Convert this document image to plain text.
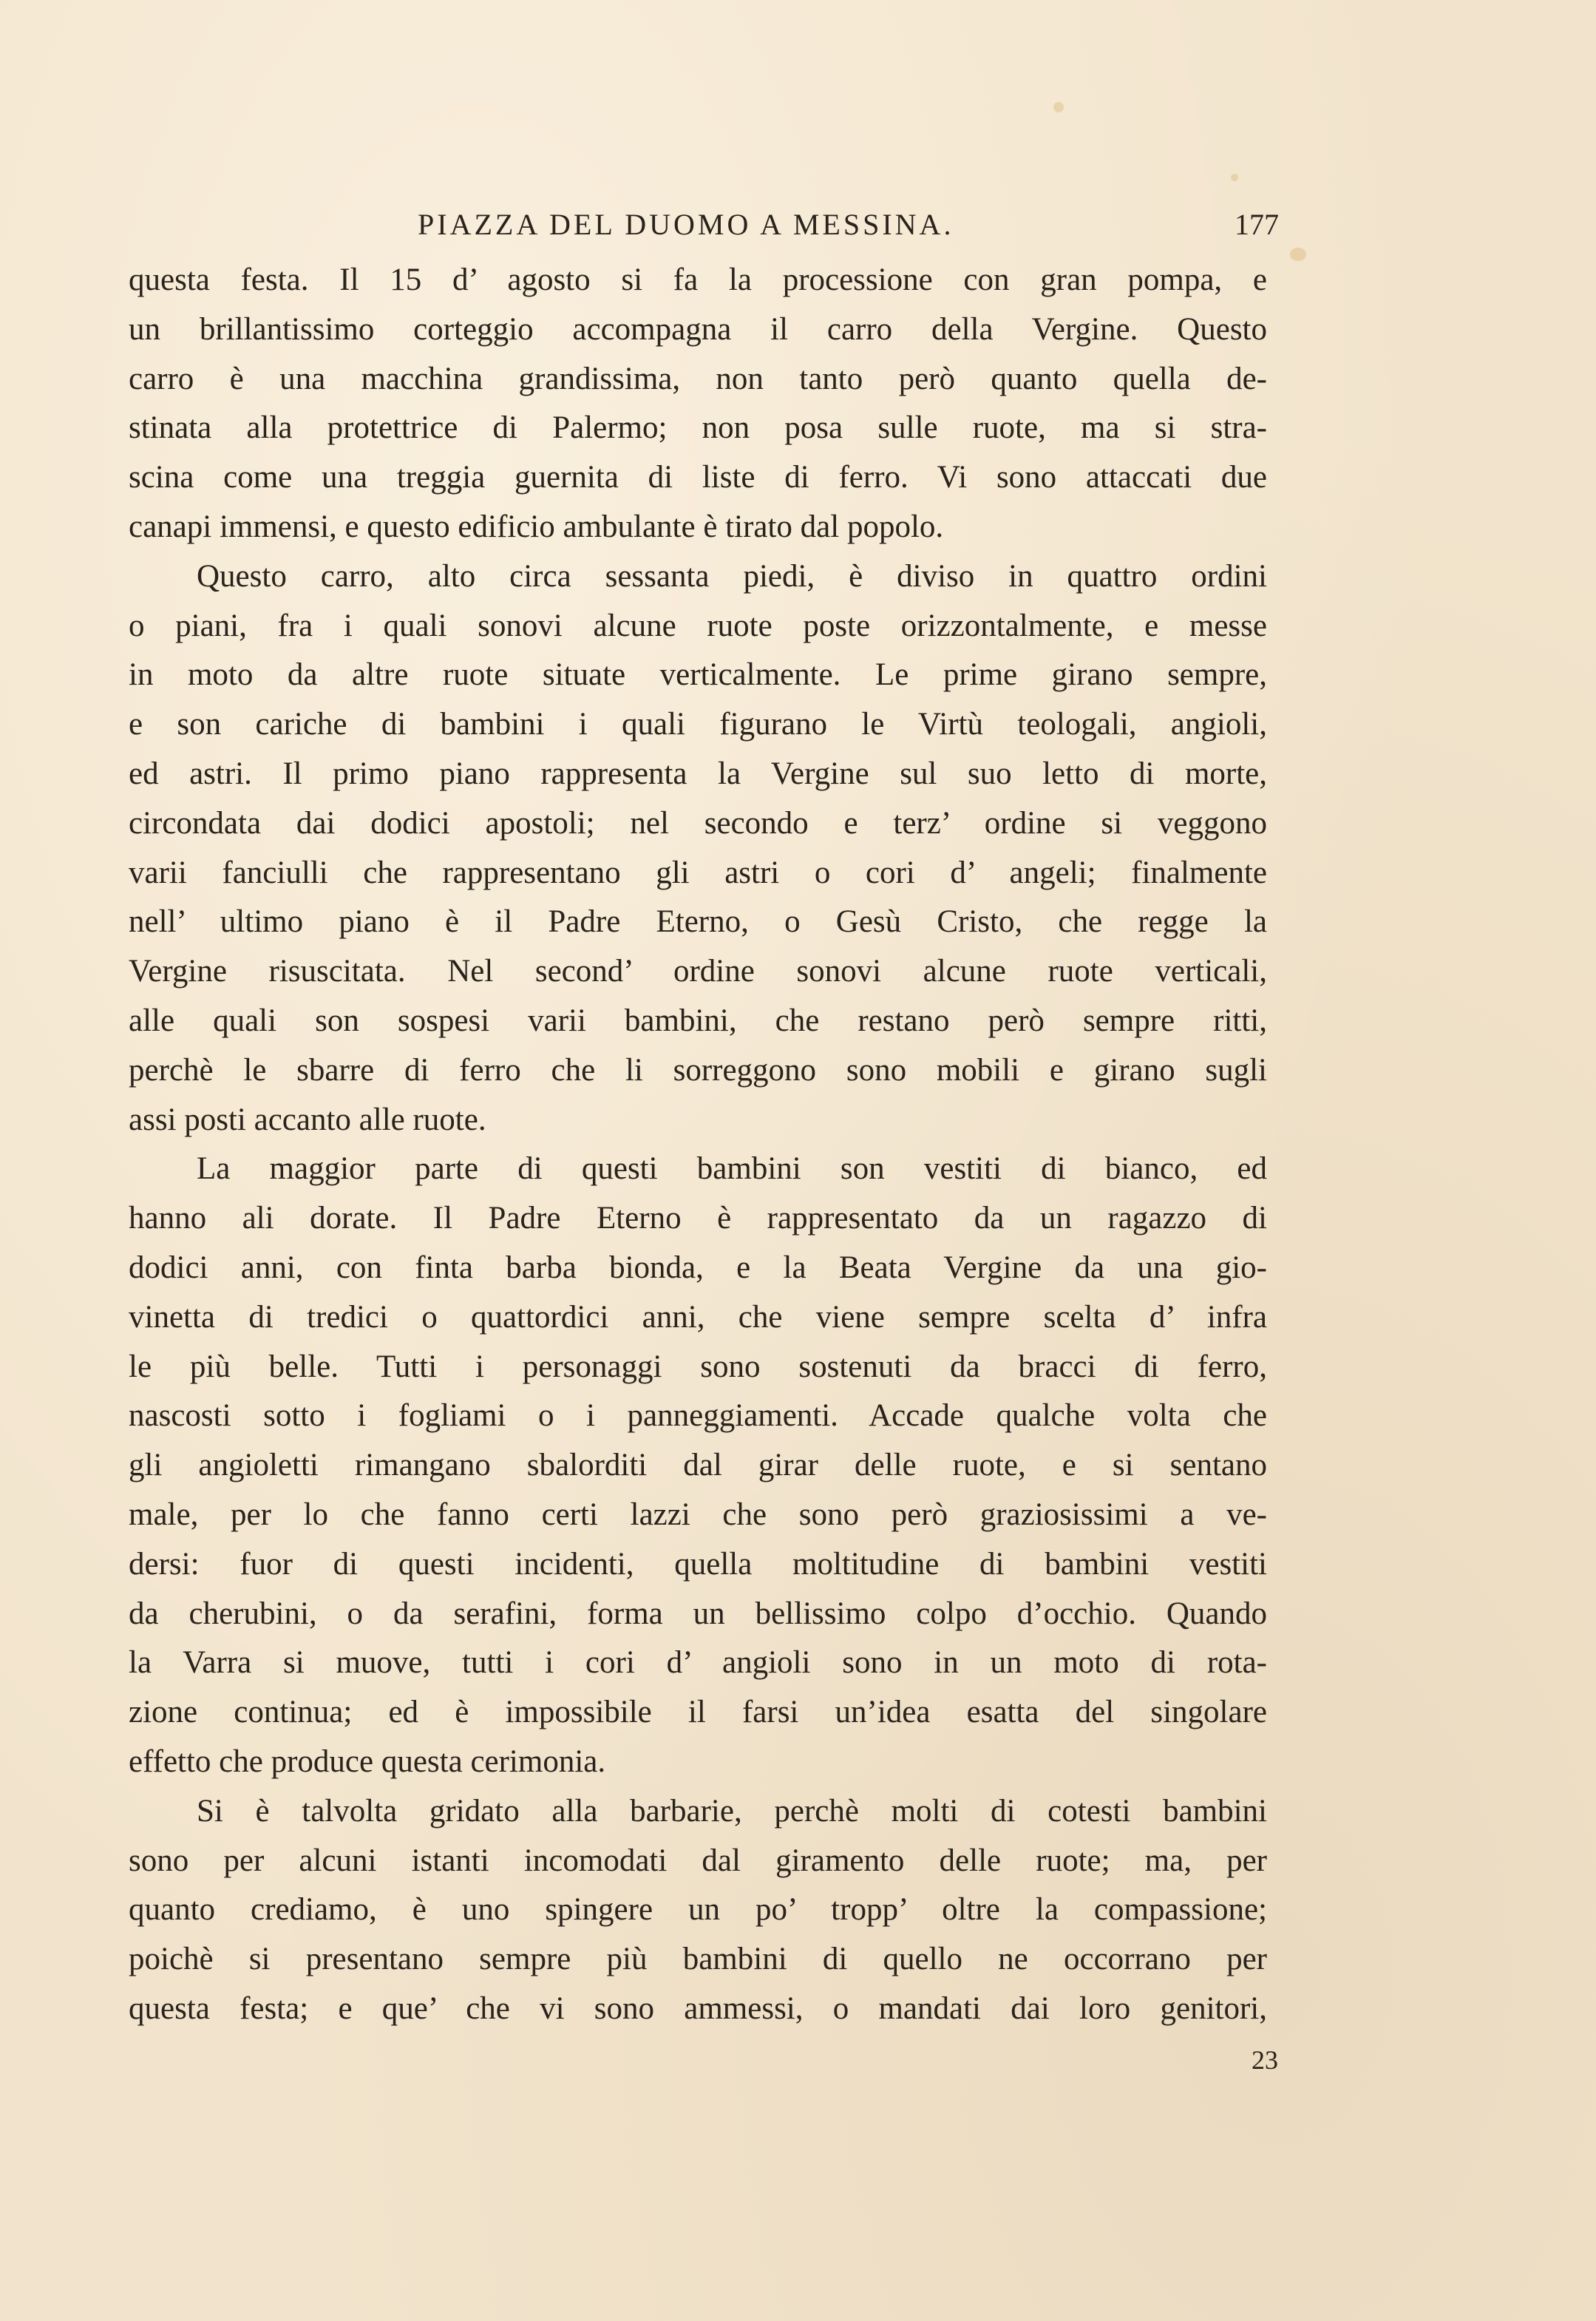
PIAZZA DEL DUOMO A MESSINA.	177
questa festa. Il 15 d’ agosto si fa la processione con gran pompa, e
un brillantissimo corteggio accompagna il carro della Vergine. Questo
carro è una macchina grandissima, non tanto però quanto quella de-
stinata alla protettrice di Palermo; non posa sulle ruote, ma si stra-
scina come una treggia guernita di liste di ferro. Vi sono attaccati due
canapi immensi, e questo edificio ambulante è tirato dal popolo.
Questo carro, alto circa sessanta piedi, è diviso in quattro ordini
o piani, fra i quali sonovi alcune ruote poste orizzontalmente, e messe
in moto da altre ruote situate verticalmente. Le prime girano sempre,
e son cariche di bambini i quali figurano le Virtù teologali, angioli,
ed astri. Il primo piano rappresenta la Vergine sul suo letto di morte,
circondata dai dodici apostoli; nel secondo e terz’ ordine si veggono
varii fanciulli che rappresentano gli astri o cori d’ angeli; finalmente
nell’ ultimo piano è il Padre Eterno, o Gesù Cristo, che regge la
Vergine risuscitata. Nel second’ ordine sonovi alcune ruote verticali,
alle quali son sospesi varii bambini, che restano però sempre ritti,
perchè le sbarre di ferro che li sorreggono sono mobili e girano sugli
assi posti accanto alle ruote.
La maggior parte di questi bambini son vestiti di bianco, ed
hanno ali dorate. Il Padre Eterno è rappresentato da un ragazzo di
dodici anni, con finta barba bionda, e la Beata Vergine da una gio-
vinetta di tredici o quattordici anni, che viene sempre scelta d’ infra
le più belle. Tutti i personaggi sono sostenuti da bracci di ferro,
nascosti sotto i fogliami o i panneggiamenti. Accade qualche volta che
gli angioletti rimangano sbalorditi dal girar delle ruote, e si sentano
male, per lo che fanno certi lazzi che sono però graziosissimi a ve-
dersi: fuor di questi incidenti, quella moltitudine di bambini vestiti
da cherubini, o da serafini, forma un bellissimo colpo d’occhio. Quando
la Varra si muove, tutti i cori d’ angioli sono in un moto di rota-
zione continua; ed è impossibile il farsi un’idea esatta del singolare
effetto che produce questa cerimonia.
Si è talvolta gridato alla barbarie, perchè molti di cotesti bambini
sono per alcuni istanti incomodati dal giramento delle ruote; ma, per
quanto crediamo, è uno spingere un po’ tropp’ oltre la compassione;
poichè si presentano sempre più bambini di quello ne occorrano per
questa festa; e que’ che vi sono ammessi, o mandati dai loro genitori,
23
